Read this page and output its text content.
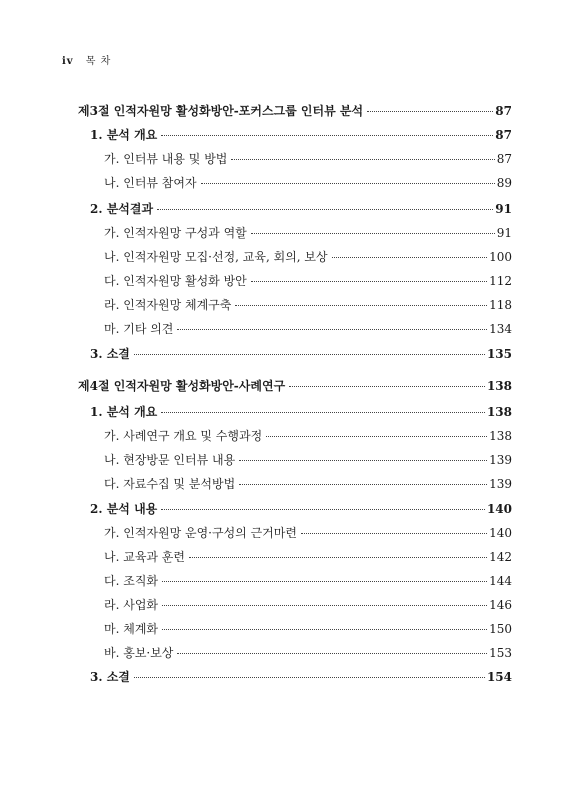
iv 목 차
제3절 인적자원망 활성화방안-포커스그룹 인터뷰 분석	87
1. 분석 개요	87
가. 인터뷰 내용 및 방법	87
나. 인터뷰 참여자	89
2. 분석결과	91
가. 인적자원망 구성과 역할	91
나. 인적자원망 모집·선정, 교육, 회의, 보상	100
다. 인적자원망 활성화 방안	112
라. 인적자원망 체계구축	118
마. 기타 의견	134
3. 소결	135
제4절 인적자원망 활성화방안-사례연구	138
1. 분석 개요	138
가. 사례연구 개요 및 수행과정	138
나. 현장방문 인터뷰 내용	139
다. 자료수집 및 분석방법	139
2. 분석 내용	140
가. 인적자원망 운영·구성의 근거마련	140
나. 교육과 훈련	142
다. 조직화	144
라. 사업화	146
마. 체계화	150
바. 홍보·보상	153
3. 소결	154
